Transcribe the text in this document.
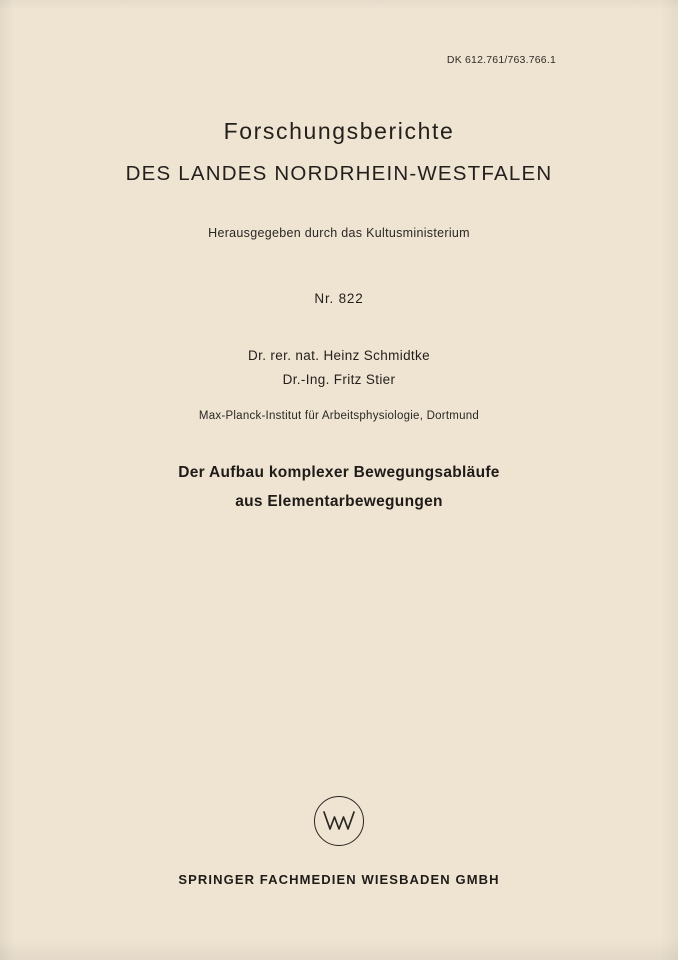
DK 612.761/763.766.1
Forschungsberichte
DES LANDES NORDRHEIN-WESTFALEN
Herausgegeben durch das Kultusministerium
Nr. 822
Dr. rer. nat. Heinz Schmidtke
Dr.-Ing. Fritz Stier
Max-Planck-Institut für Arbeitsphysiologie, Dortmund
Der Aufbau komplexer Bewegungsabläufe
aus Elementarbewegungen
SPRINGER FACHMEDIEN WIESBADEN GMBH
